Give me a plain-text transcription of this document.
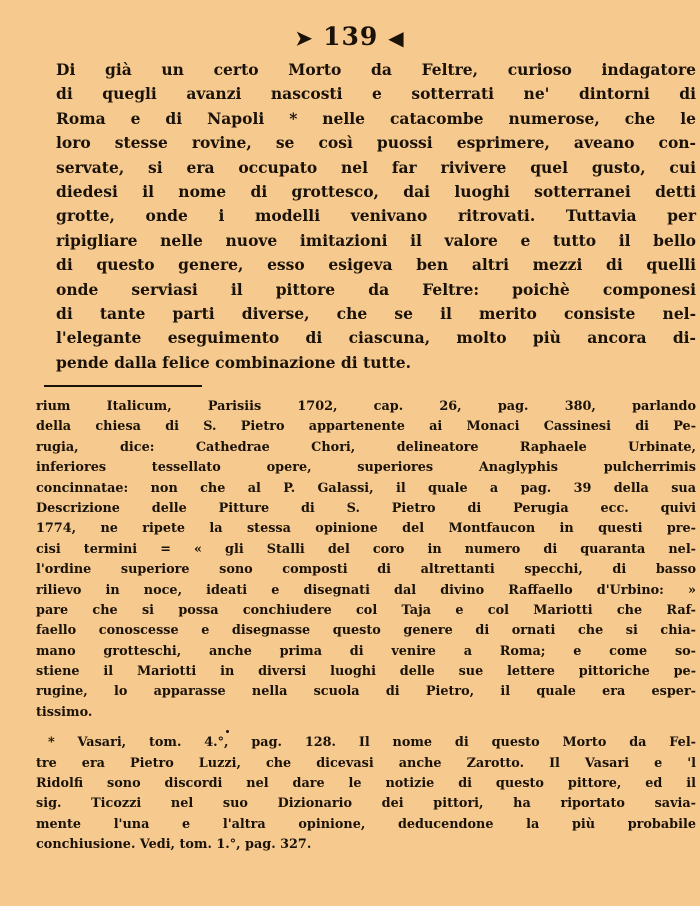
➤ 139 ◀
Di già un certo Morto da Feltre, curioso indagatore
di quegli avanzi nascosti e sotterrati ne' dintorni di
Roma e di Napoli * nelle catacombe numerose, che le
loro stesse rovine, se così puossi esprimere, aveano con-
servate, si era occupato nel far rivivere quel gusto, cui
diedesi il nome di grottesco, dai luoghi sotterranei detti
grotte, onde i modelli venivano ritrovati. Tuttavia per
ripigliare nelle nuove imitazioni il valore e tutto il bello
di questo genere, esso esigeva ben altri mezzi di quelli
onde serviasi il pittore da Feltre: poichè componesi
di tante parti diverse, che se il merito consiste nel-
l'elegante eseguimento di ciascuna, molto più ancora di-
pende dalla felice combinazione di tutte.
rium Italicum, Parisiis 1702, cap. 26, pag. 380, parlando
della chiesa di S. Pietro appartenente ai Monaci Cassinesi di Pe-
rugia, dice: Cathedrae Chori, delineatore Raphaele Urbinate,
inferiores tessellato opere, superiores Anaglyphis pulcherrimis
concinnatae: non che al P. Galassi, il quale a pag. 39 della sua
Descrizione delle Pitture di S. Pietro di Perugia ecc. quivi
1774, ne ripete la stessa opinione del Montfaucon in questi pre-
cisi termini = « gli Stalli del coro in numero di quaranta nel-
l'ordine superiore sono composti di altrettanti specchi, di basso
rilievo in noce, ideati e disegnati dal divino Raffaello d'Urbino: »
pare che si possa conchiudere col Taja e col Mariotti che Raf-
faello conoscesse e disegnasse questo genere di ornati che si chia-
mano grotteschi, anche prima di venire a Roma; e come so-
stiene il Mariotti in diversi luoghi delle sue lettere pittoriche pe-
rugine, lo apparasse nella scuola di Pietro, il quale era esper-
tissimo.
* Vasari, tom. 4.°, pag. 128. Il nome di questo Morto da Fel-
tre era Pietro Luzzi, che dicevasi anche Zarotto. Il Vasari e 'l
Ridolfi sono discordi nel dare le notizie di questo pittore, ed il
sig. Ticozzi nel suo Dizionario dei pittori, ha riportato savia-
mente l'una e l'altra opinione, deducendone la più probabile
conchiusione. Vedi, tom. 1.°, pag. 327.
